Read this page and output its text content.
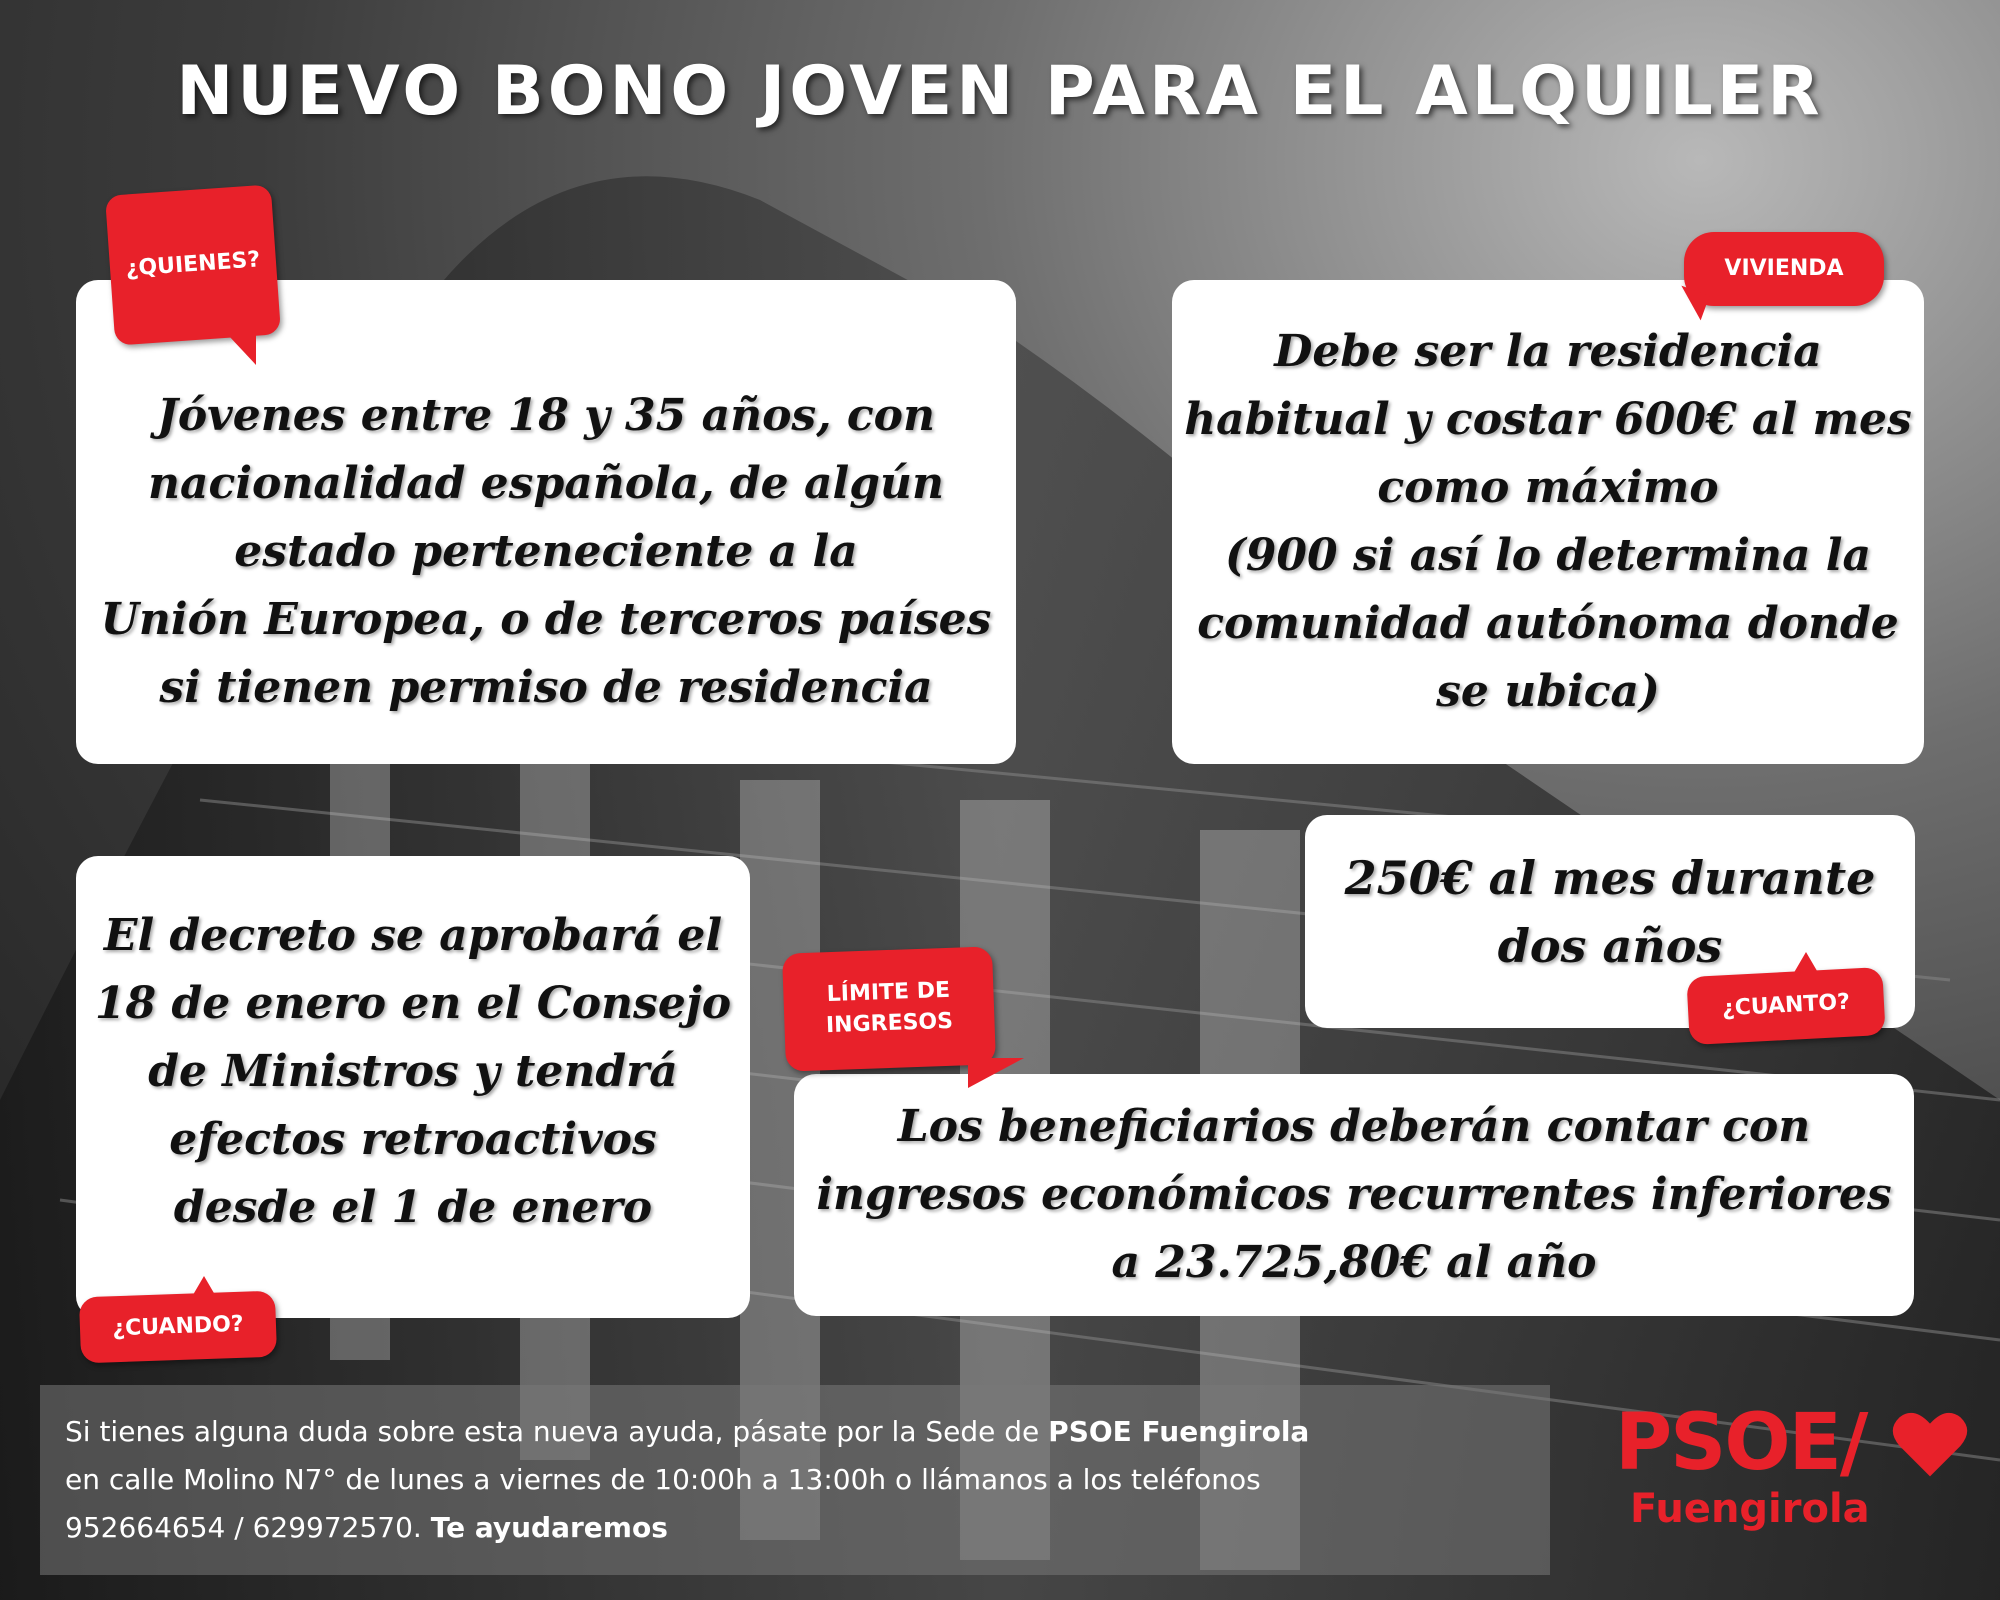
NUEVO BONO JOVEN PARA EL ALQUILER
Jóvenes entre 18 y 35 años, con
nacionalidad española, de algún
estado perteneciente a la
Unión Europea, o de terceros países
si tienen permiso de residencia
¿QUIENES?
Debe ser la residencia
habitual y costar 600€ al mes
como máximo
(900 si así lo determina la
comunidad autónoma donde
se ubica)
VIVIENDA
250€ al mes durante
dos años
¿CUANTO?
El decreto se aprobará el
18 de enero en el Consejo
de Ministros y tendrá
efectos retroactivos
desde el 1 de enero
¿CUANDO?
Los beneficiarios deberán contar con
ingresos económicos recurrentes inferiores
a 23.725,80€ al año
LÍMITE DE
INGRESOS
Si tienes alguna duda sobre esta nueva ayuda, pásate por la Sede de PSOE Fuengirola
en calle Molino N7° de lunes a viernes de 10:00h a 13:00h o llámanos a los teléfonos
952664654 / 629972570. Te ayudaremos
PSOE/
Fuengirola
